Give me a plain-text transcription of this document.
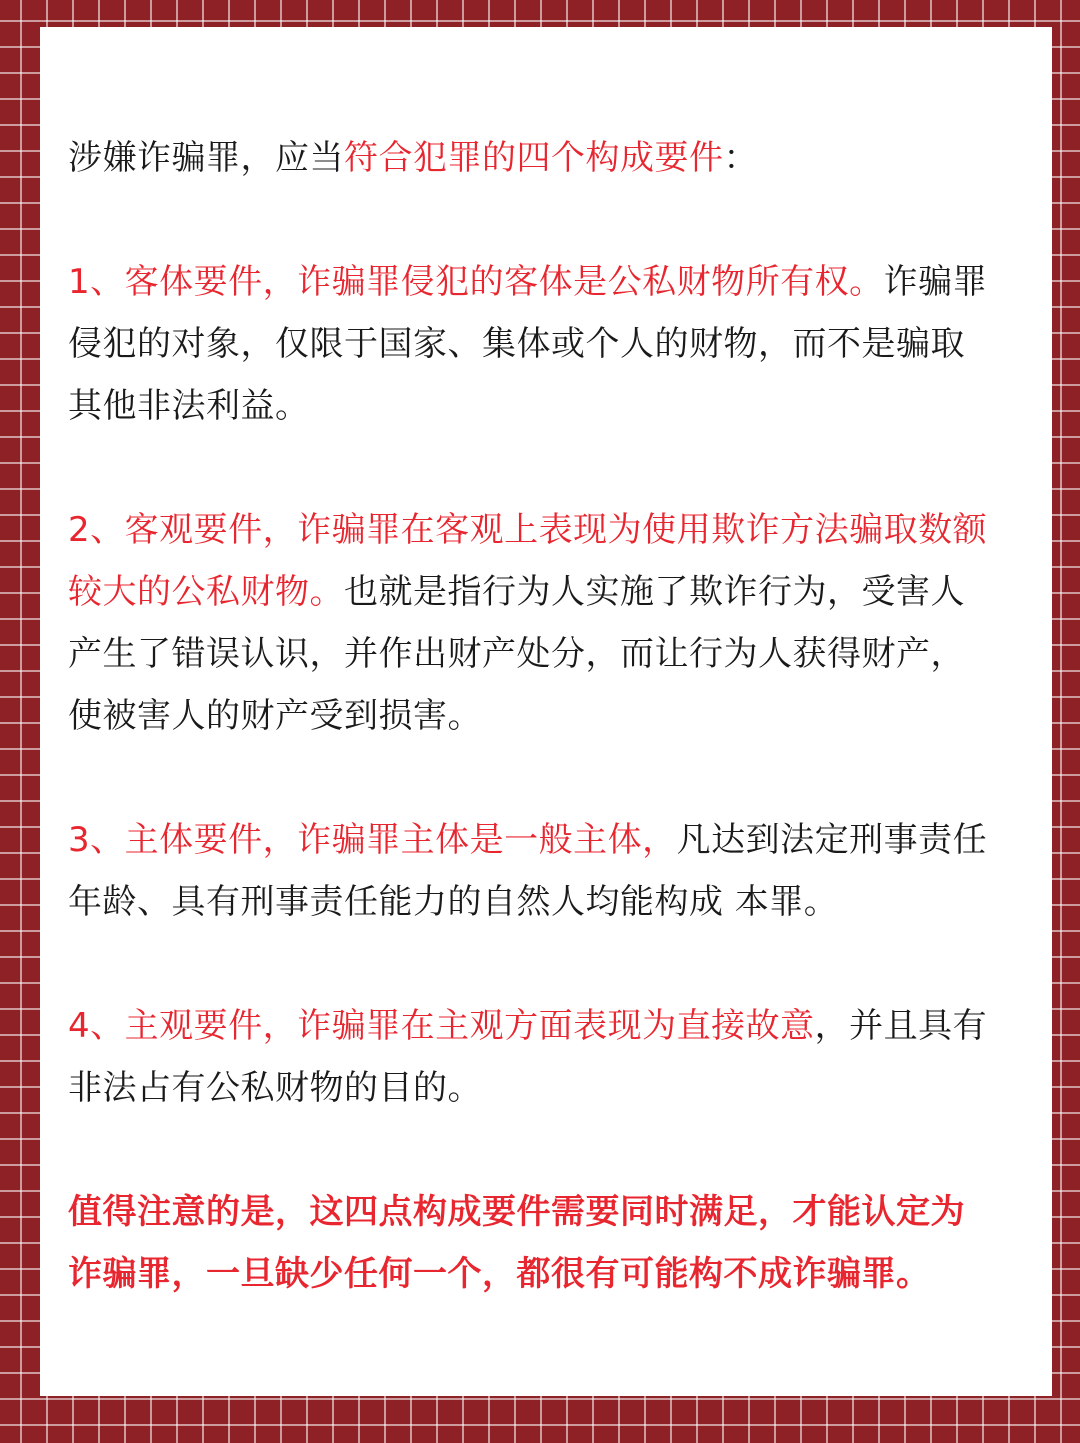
涉嫌诈骗罪，应当符合犯罪的四个构成要件：

1、客体要件，诈骗罪侵犯的客体是公私财物所有权。诈骗罪侵犯的对象，仅限于国家、集体或个人的财物，而不是骗取其他非法利益。

2、客观要件，诈骗罪在客观上表现为使用欺诈方法骗取数额较大的公私财物。也就是指行为人实施了欺诈行为，受害人产生了错误认识，并作出财产处分，而让行为人获得财产，使被害人的财产受到损害。

3、主体要件，诈骗罪主体是一般主体，凡达到法定刑事责任年龄、具有刑事责任能力的自然人均能构成 本罪。

4、主观要件，诈骗罪在主观方面表现为直接故意，并且具有非法占有公私财物的目的。

值得注意的是，这四点构成要件需要同时满足，才能认定为诈骗罪，一旦缺少任何一个，都很有可能构不成诈骗罪。
